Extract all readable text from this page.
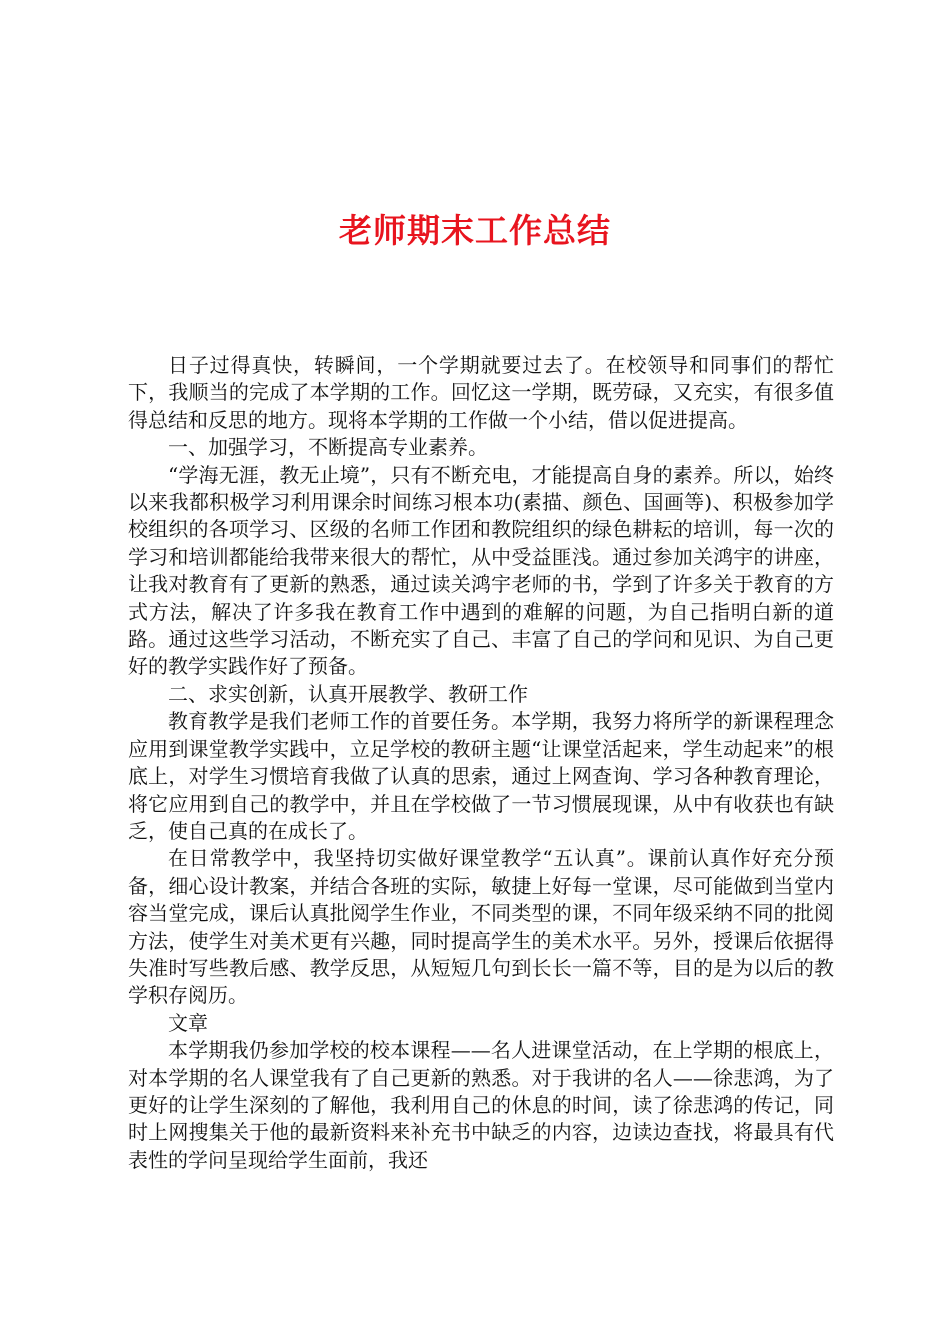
老师期末工作总结

日子过得真快，转瞬间，一个学期就要过去了。在校领导和同事们的帮忙下，我顺当的完成了本学期的工作。回忆这一学期，既劳碌，又充实，有很多值得总结和反思的地方。现将本学期的工作做一个小结，借以促进提高。

一、加强学习，不断提高专业素养。

“学海无涯，教无止境”，只有不断充电，才能提高自身的素养。所以，始终以来我都积极学习利用课余时间练习根本功(素描、颜色、国画等)、积极参加学校组织的各项学习、区级的名师工作团和教院组织的绿色耕耘的培训，每一次的学习和培训都能给我带来很大的帮忙，从中受益匪浅。通过参加关鸿宇的讲座，让我对教育有了更新的熟悉，通过读关鸿宇老师的书，学到了许多关于教育的方式方法，解决了许多我在教育工作中遇到的难解的问题，为自己指明白新的道路。通过这些学习活动，不断充实了自己、丰富了自己的学问和见识、为自己更好的教学实践作好了预备。

二、求实创新，认真开展教学、教研工作

教育教学是我们老师工作的首要任务。本学期，我努力将所学的新课程理念应用到课堂教学实践中，立足学校的教研主题“让课堂活起来，学生动起来”的根底上，对学生习惯培育我做了认真的思索，通过上网查询、学习各种教育理论，将它应用到自己的教学中，并且在学校做了一节习惯展现课，从中有收获也有缺乏，使自己真的在成长了。

在日常教学中，我坚持切实做好课堂教学“五认真”。课前认真作好充分预备，细心设计教案，并结合各班的实际，敏捷上好每一堂课，尽可能做到当堂内容当堂完成，课后认真批阅学生作业，不同类型的课，不同年级采纳不同的批阅方法，使学生对美术更有兴趣，同时提高学生的美术水平。另外，授课后依据得失准时写些教后感、教学反思，从短短几句到长长一篇不等，目的是为以后的教学积存阅历。

文章

本学期我仍参加学校的校本课程——名人进课堂活动，在上学期的根底上，对本学期的名人课堂我有了自己更新的熟悉。对于我讲的名人——徐悲鸿，为了更好的让学生深刻的了解他，我利用自己的休息的时间，读了徐悲鸿的传记，同时上网搜集关于他的最新资料来补充书中缺乏的内容，边读边查找，将最具有代表性的学问呈现给学生面前，我还
